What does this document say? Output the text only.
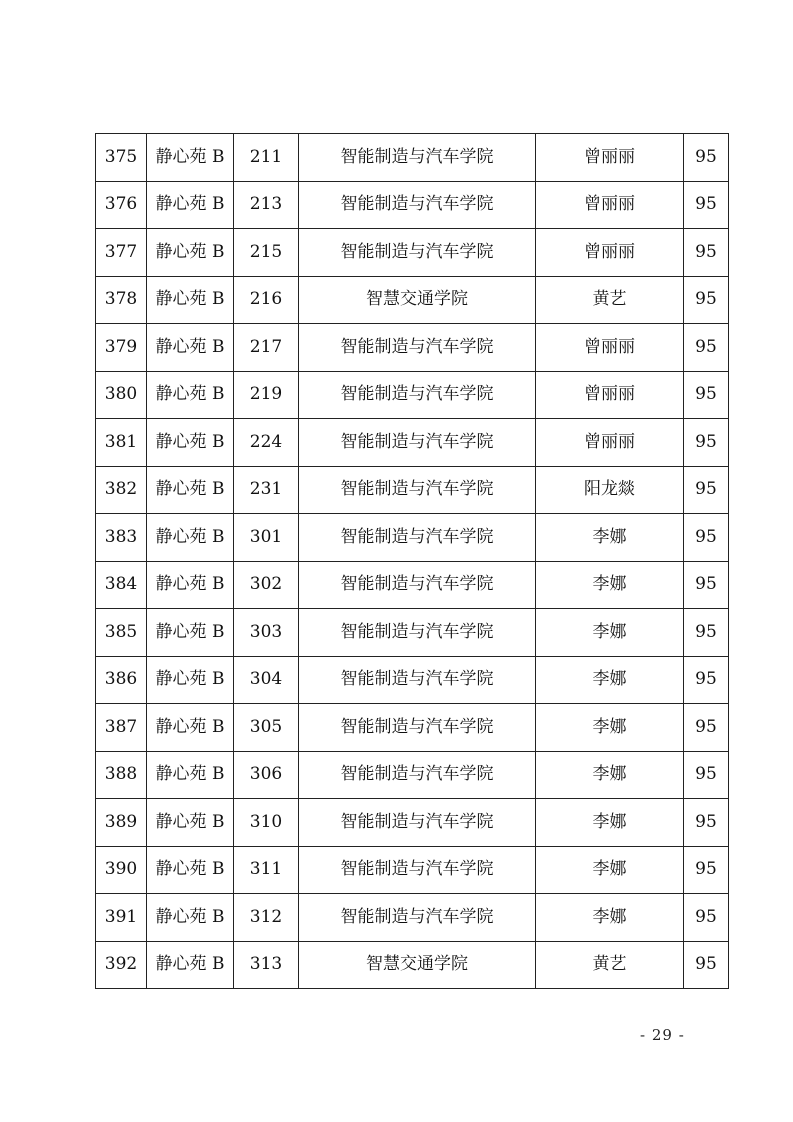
375	静心苑 B	211	智能制造与汽车学院	曾丽丽	95
376	静心苑 B	213	智能制造与汽车学院	曾丽丽	95
377	静心苑 B	215	智能制造与汽车学院	曾丽丽	95
378	静心苑 B	216	智慧交通学院	黄艺	95
379	静心苑 B	217	智能制造与汽车学院	曾丽丽	95
380	静心苑 B	219	智能制造与汽车学院	曾丽丽	95
381	静心苑 B	224	智能制造与汽车学院	曾丽丽	95
382	静心苑 B	231	智能制造与汽车学院	阳龙燚	95
383	静心苑 B	301	智能制造与汽车学院	李娜	95
384	静心苑 B	302	智能制造与汽车学院	李娜	95
385	静心苑 B	303	智能制造与汽车学院	李娜	95
386	静心苑 B	304	智能制造与汽车学院	李娜	95
387	静心苑 B	305	智能制造与汽车学院	李娜	95
388	静心苑 B	306	智能制造与汽车学院	李娜	95
389	静心苑 B	310	智能制造与汽车学院	李娜	95
390	静心苑 B	311	智能制造与汽车学院	李娜	95
391	静心苑 B	312	智能制造与汽车学院	李娜	95
392	静心苑 B	313	智慧交通学院	黄艺	95
- 29 -
